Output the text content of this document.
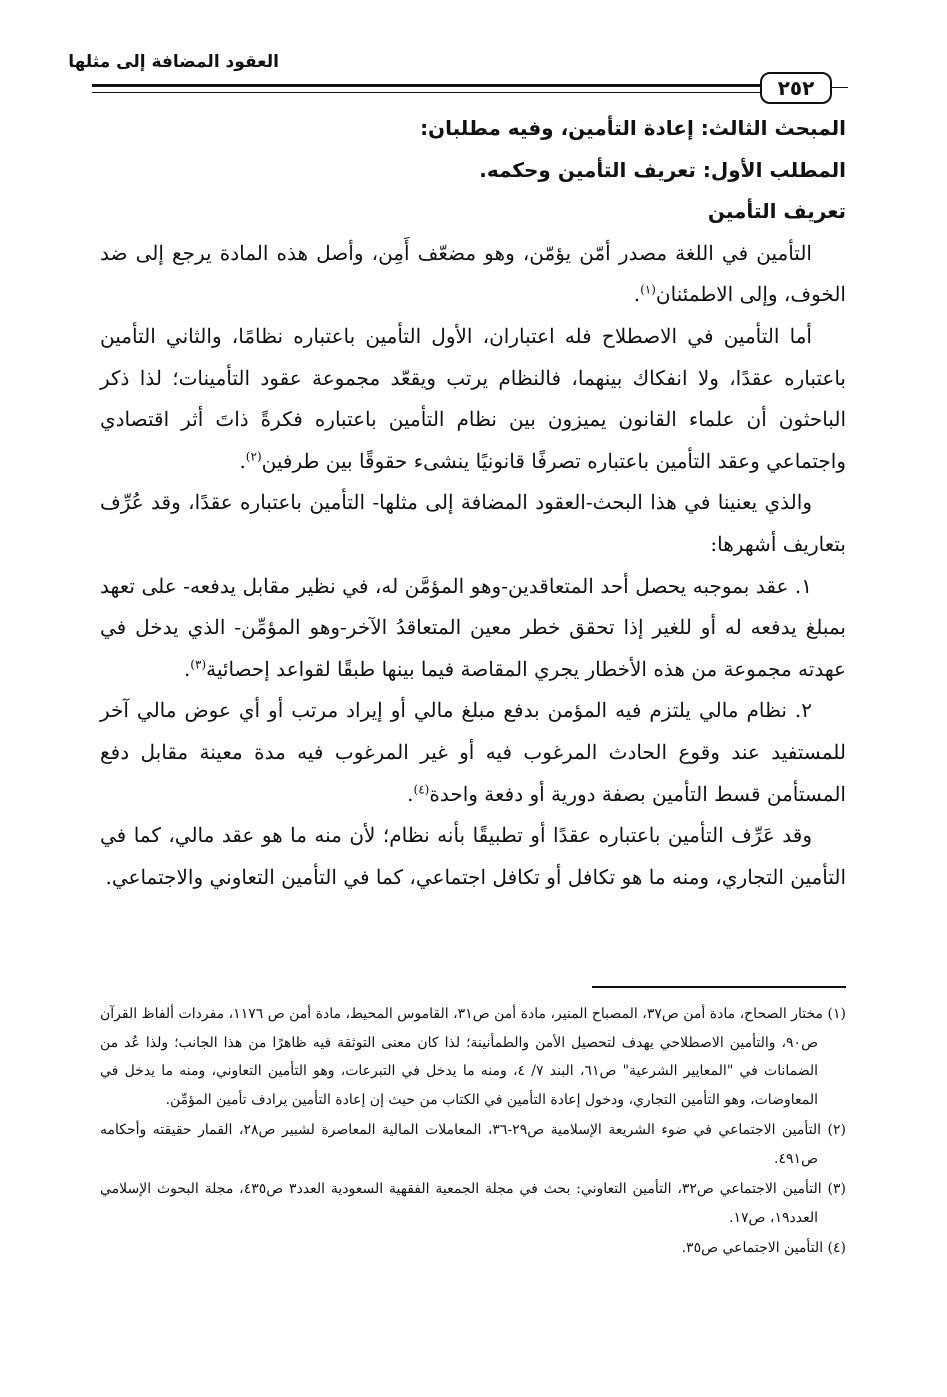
العقود المضافة إلى مثلها
٢٥٢

المبحث الثالث: إعادة التأمين، وفيه مطلبان:

المطلب الأول: تعريف التأمين وحكمه.

تعريف التأمين

التأمين في اللغة مصدر أمّن يؤمّن، وهو مضعّف أَمِن، وأصل هذه المادة يرجع إلى ضد الخوف، وإلى الاطمئنان$^{(١)}$.

أما التأمين في الاصطلاح فله اعتباران، الأول التأمين باعتباره نظامًا، والثاني التأمين باعتباره عقدًا، ولا انفكاك بينهما، فالنظام يرتب ويقعّد مجموعة عقود التأمينات؛ لذا ذكر الباحثون أن علماء القانون يميزون بين نظام التأمين باعتباره فكرةً ذاتَ أثر اقتصادي واجتماعي وعقد التأمين باعتباره تصرفًا قانونيًا ينشىء حقوقًا بين طرفين$^{(٢)}$.

والذي يعنينا في هذا البحث-العقود المضافة إلى مثلها- التأمين باعتباره عقدًا، وقد عُرِّف بتعاريف أشهرها:

١. عقد بموجبه يحصل أحد المتعاقدين-وهو المؤمَّن له، في نظير مقابل يدفعه- على تعهد بمبلغ يدفعه له أو للغير إذا تحقق خطر معين المتعاقدُ الآخر-وهو المؤمِّن- الذي يدخل في عهدته مجموعة من هذه الأخطار يجري المقاصة فيما بينها طبقًا لقواعد إحصائية$^{(٣)}$.

٢. نظام مالي يلتزم فيه المؤمن بدفع مبلغ مالي أو إيراد مرتب أو أي عوض مالي آخر للمستفيد عند وقوع الحادث المرغوب فيه أو غير المرغوب فيه مدة معينة مقابل دفع المستأمن قسط التأمين بصفة دورية أو دفعة واحدة$^{(٤)}$.

وقد عَرِّف التأمين باعتباره عقدًا أو تطبيقًا بأنه نظام؛ لأن منه ما هو عقد مالي، كما في التأمين التجاري، ومنه ما هو تكافل أو تكافل اجتماعي، كما في التأمين التعاوني والاجتماعي.

(١) مختار الصحاح، مادة أمن ص٣٧، المصباح المنير، مادة أمن ص٣١، القاموس المحيط، مادة أمن ص ١١٧٦، مفردات ألفاظ القرآن ص٩٠، والتأمين الاصطلاحي يهدف لتحصيل الأمن والطمأنينة؛ لذا كان معنى التوثقة فيه ظاهرًا من هذا الجانب؛ ولذا عُد من الضمانات في "المعايير الشرعية" ص٦١، البند ٧/ ٤، ومنه ما يدخل في التبرعات، وهو التأمين التعاوني، ومنه ما يدخل في المعاوضات، وهو التأمين التجاري، ودخول إعادة التأمين في الكتاب من حيث إن إعادة التأمين يرادف تأمين المؤمِّن.

(٢) التأمين الاجتماعي في ضوء الشريعة الإسلامية ص٢٩-٣٦، المعاملات المالية المعاصرة لشبير ص٢٨، القمار حقيقته وأحكامه ص٤٩١.

(٣) التأمين الاجتماعي ص٣٢، التأمين التعاوني: بحث في مجلة الجمعية الفقهية السعودية العدد٣ ص٤٣٥، مجلة البحوث الإسلامي العدد١٩، ص١٧.

(٤) التأمين الاجتماعي ص٣٥.
